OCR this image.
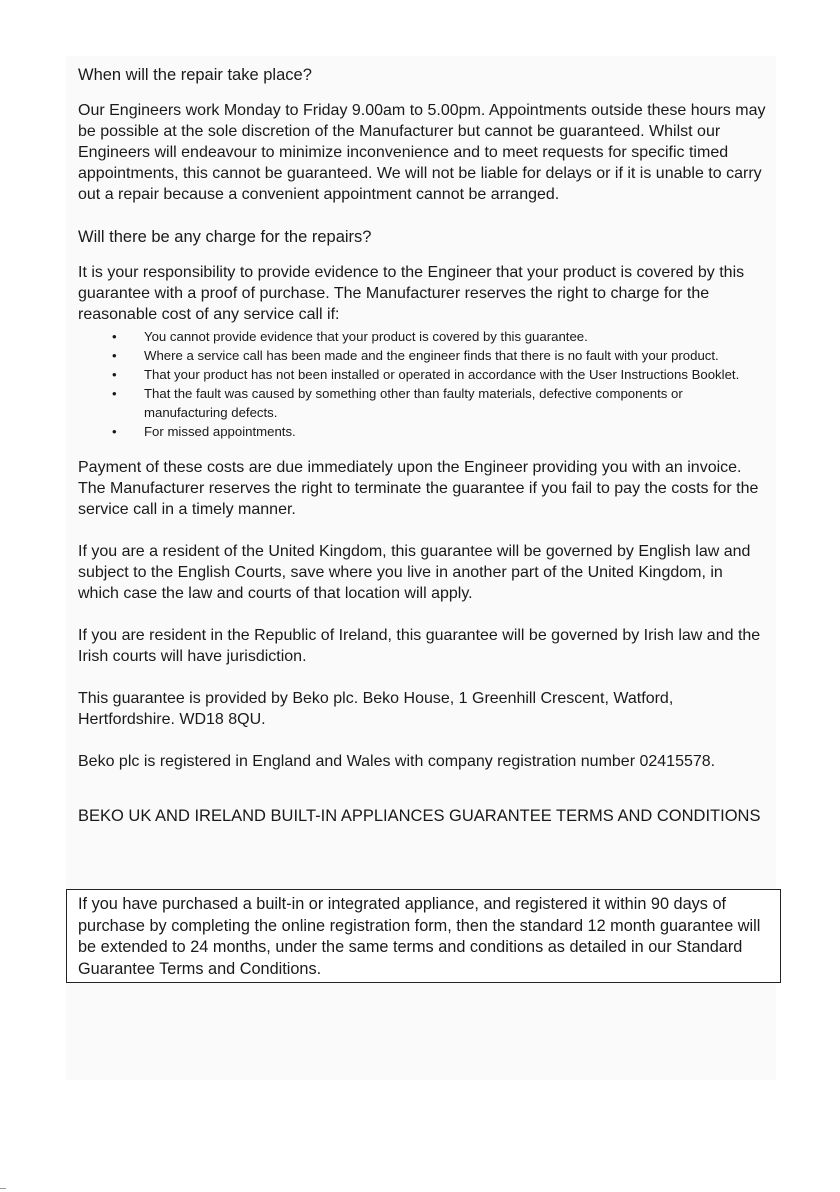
When will the repair take place?

Our Engineers work Monday to Friday 9.00am to 5.00pm. Appointments outside these hours may be possible at the sole discretion of the Manufacturer but cannot be guaranteed. Whilst our Engineers will endeavour to minimize inconvenience and to meet requests for specific timed appointments, this cannot be guaranteed. We will not be liable for delays or if it is unable to carry out a repair because a convenient appointment cannot be arranged.

Will there be any charge for the repairs?

It is your responsibility to provide evidence to the Engineer that your product is covered by this guarantee with a proof of purchase. The Manufacturer reserves the right to charge for the reasonable cost of any service call if:

• You cannot provide evidence that your product is covered by this guarantee.
• Where a service call has been made and the engineer finds that there is no fault with your product.
• That your product has not been installed or operated in accordance with the User Instructions Booklet.
• That the fault was caused by something other than faulty materials, defective components or manufacturing defects.
• For missed appointments.

Payment of these costs are due immediately upon the Engineer providing you with an invoice. The Manufacturer reserves the right to terminate the guarantee if you fail to pay the costs for the service call in a timely manner.

If you are a resident of the United Kingdom, this guarantee will be governed by English law and subject to the English Courts, save where you live in another part of the United Kingdom, in which case the law and courts of that location will apply.

If you are resident in the Republic of Ireland, this guarantee will be governed by Irish law and the Irish courts will have jurisdiction.

This guarantee is provided by Beko plc. Beko House, 1 Greenhill Crescent, Watford, Hertfordshire. WD18 8QU.

Beko plc is registered in England and Wales with company registration number 02415578.

BEKO UK AND IRELAND BUILT-IN APPLIANCES GUARANTEE TERMS AND CONDITIONS
If you have purchased a built-in or integrated appliance, and registered it within 90 days of purchase by completing the online registration form, then the standard 12 month guarantee will be extended to 24 months, under the same terms and conditions as detailed in our Standard Guarantee Terms and Conditions.
